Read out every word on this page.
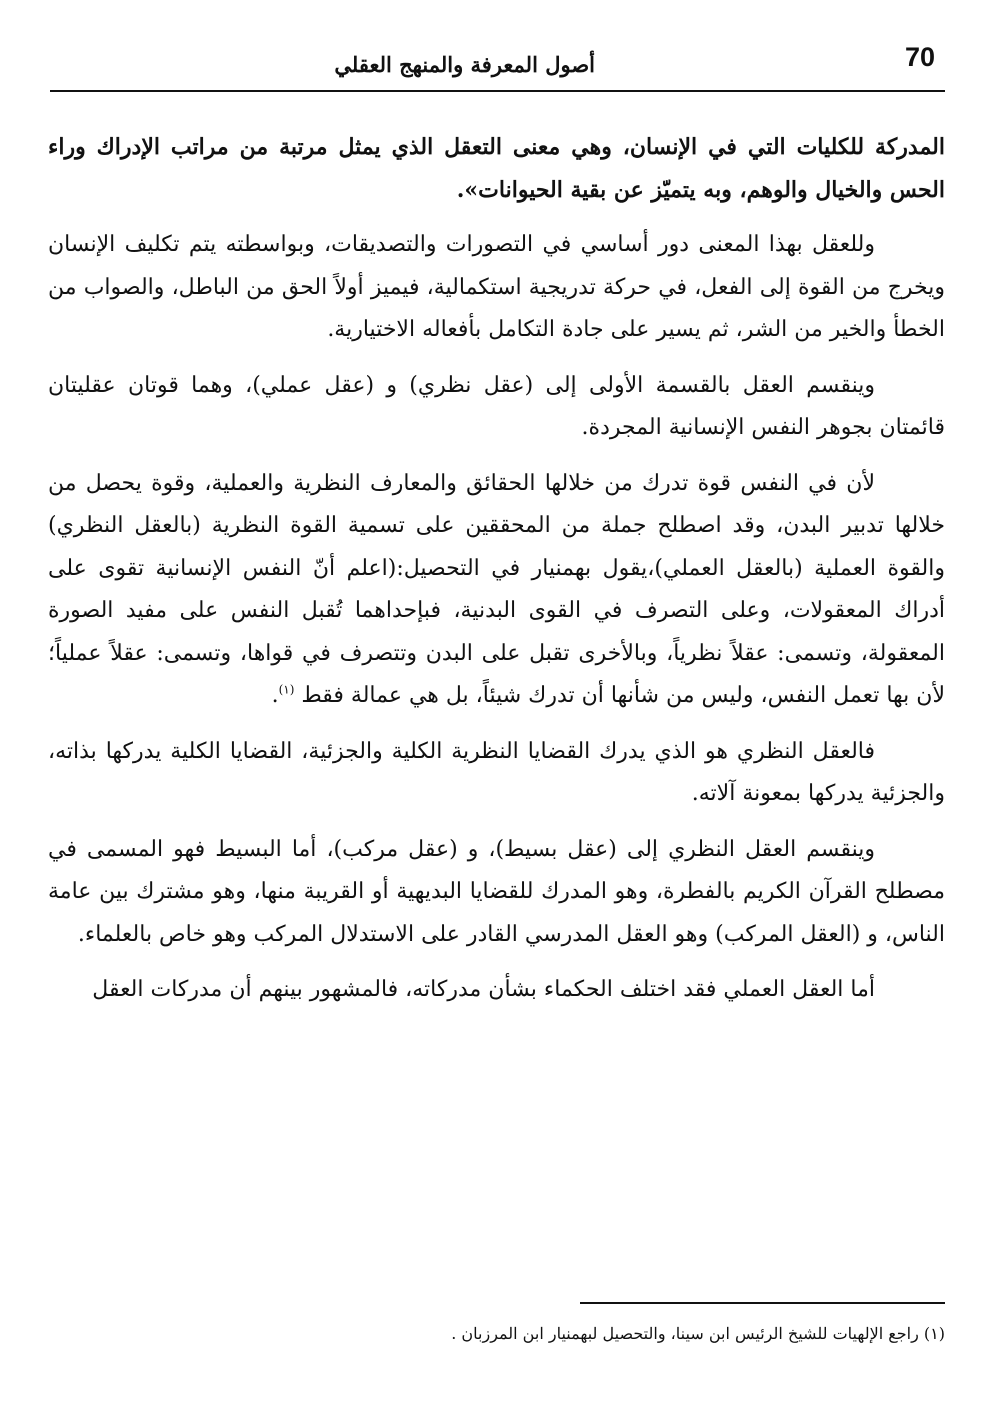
أصول المعرفة والمنهج العقلي	70

المدركة للكليات التي في الإنسان، وهي معنى التعقل الذي يمثل مرتبة من مراتب الإدراك وراء الحس والخيال والوهم، وبه يتميّز عن بقية الحيوانات».

وللعقل بهذا المعنى دور أساسي في التصورات والتصديقات، وبواسطته يتم تكليف الإنسان ويخرج من القوة إلى الفعل، في حركة تدريجية استكمالية، فيميز أولاً الحق من الباطل، والصواب من الخطأ والخير من الشر، ثم يسير على جادة التكامل بأفعاله الاختيارية.

وينقسم العقل بالقسمة الأولى إلى (عقل نظري) و (عقل عملي)، وهما قوتان عقليتان قائمتان بجوهر النفس الإنسانية المجردة.

لأن في النفس قوة تدرك من خلالها الحقائق والمعارف النظرية والعملية، وقوة يحصل من خلالها تدبير البدن، وقد اصطلح جملة من المحققين على تسمية القوة النظرية (بالعقل النظري) والقوة العملية (بالعقل العملي)،يقول بهمنيار في التحصيل:(اعلم أنّ النفس الإنسانية تقوى على أدراك المعقولات، وعلى التصرف في القوى البدنية، فبإحداهما تُقبل النفس على مفيد الصورة المعقولة، وتسمى: عقلاً نظرياً، وبالأخرى تقبل على البدن وتتصرف في قواها، وتسمى: عقلاً عملياً؛ لأن بها تعمل النفس، وليس من شأنها أن تدرك شيئاً، بل هي عمالة فقط $^{(١)}$.

فالعقل النظري هو الذي يدرك القضايا النظرية الكلية والجزئية، القضايا الكلية يدركها بذاته، والجزئية يدركها بمعونة آلاته.

وينقسم العقل النظري إلى (عقل بسيط)، و (عقل مركب)، أما البسيط فهو المسمى في مصطلح القرآن الكريم بالفطرة، وهو المدرك للقضايا البديهية أو القريبة منها، وهو مشترك بين عامة الناس، و (العقل المركب) وهو العقل المدرسي القادر على الاستدلال المركب وهو خاص بالعلماء.

أما العقل العملي فقد اختلف الحكماء بشأن مدركاته، فالمشهور بينهم أن مدركات العقل

(١) راجع الإلهيات للشيخ الرئيس ابن سينا، والتحصيل لبهمنيار ابن المرزبان .
